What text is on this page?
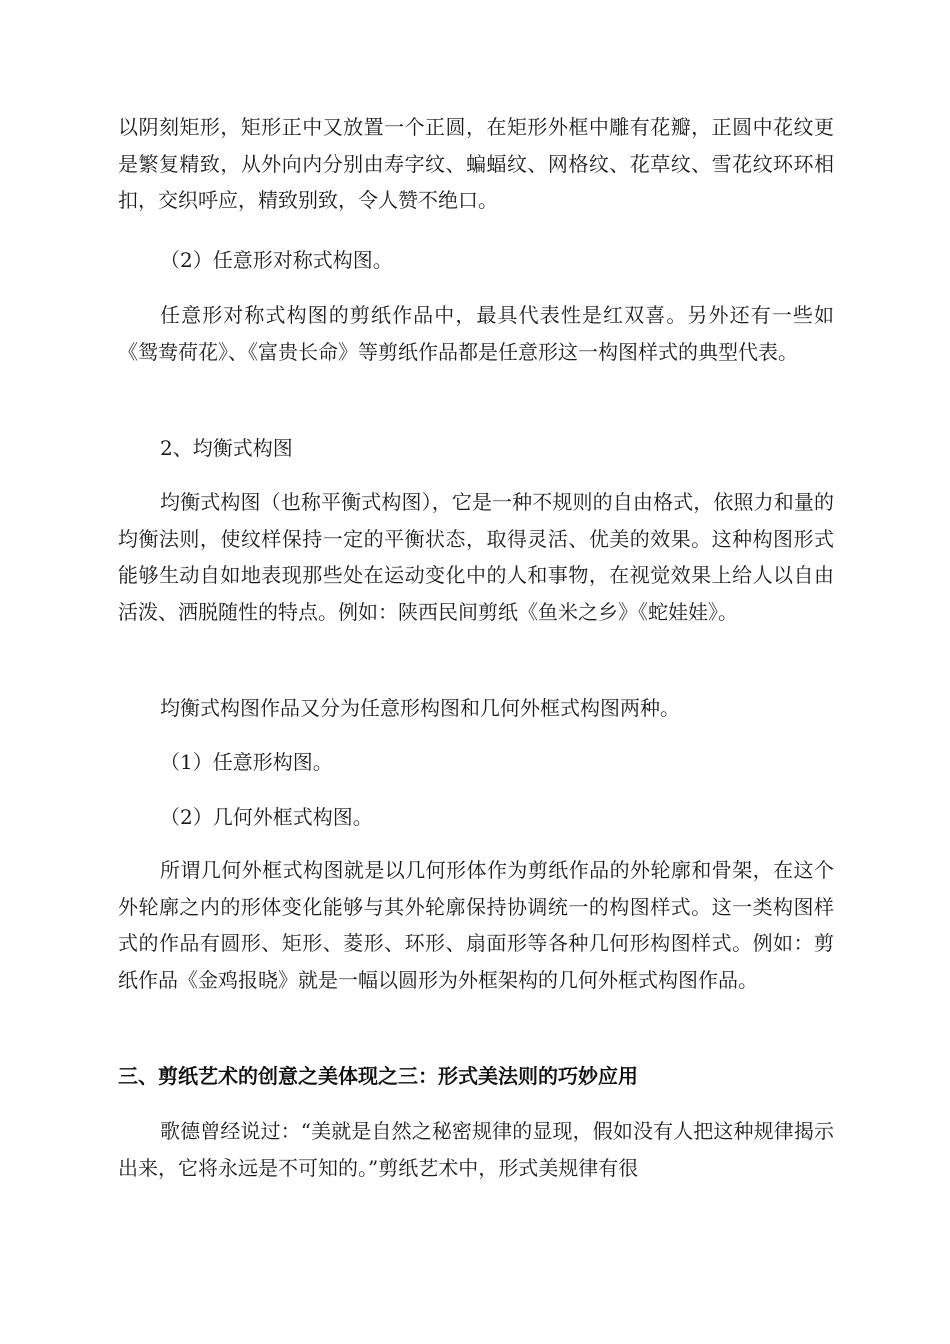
以阴刻矩形，矩形正中又放置一个正圆，在矩形外框中雕有花瓣，正圆中花纹更是繁复精致，从外向内分别由寿字纹、蝙蝠纹、网格纹、花草纹、雪花纹环环相扣，交织呼应，精致别致，令人赞不绝口。

（2）任意形对称式构图。

任意形对称式构图的剪纸作品中，最具代表性是红双喜。另外还有一些如《鸳鸯荷花》、《富贵长命》等剪纸作品都是任意形这一构图样式的典型代表。

2、均衡式构图

均衡式构图（也称平衡式构图），它是一种不规则的自由格式，依照力和量的均衡法则，使纹样保持一定的平衡状态，取得灵活、优美的效果。这种构图形式能够生动自如地表现那些处在运动变化中的人和事物，在视觉效果上给人以自由活泼、洒脱随性的特点。例如：陕西民间剪纸《鱼米之乡》《蛇娃娃》。

均衡式构图作品又分为任意形构图和几何外框式构图两种。

（1）任意形构图。

（2）几何外框式构图。

所谓几何外框式构图就是以几何形体作为剪纸作品的外轮廓和骨架，在这个外轮廓之内的形体变化能够与其外轮廓保持协调统一的构图样式。这一类构图样式的作品有圆形、矩形、菱形、环形、扇面形等各种几何形构图样式。例如：剪纸作品《金鸡报晓》就是一幅以圆形为外框架构的几何外框式构图作品。

三、剪纸艺术的创意之美体现之三：形式美法则的巧妙应用

歌德曾经说过：“美就是自然之秘密规律的显现，假如没有人把这种规律揭示出来，它将永远是不可知的。”剪纸艺术中，形式美规律有很
